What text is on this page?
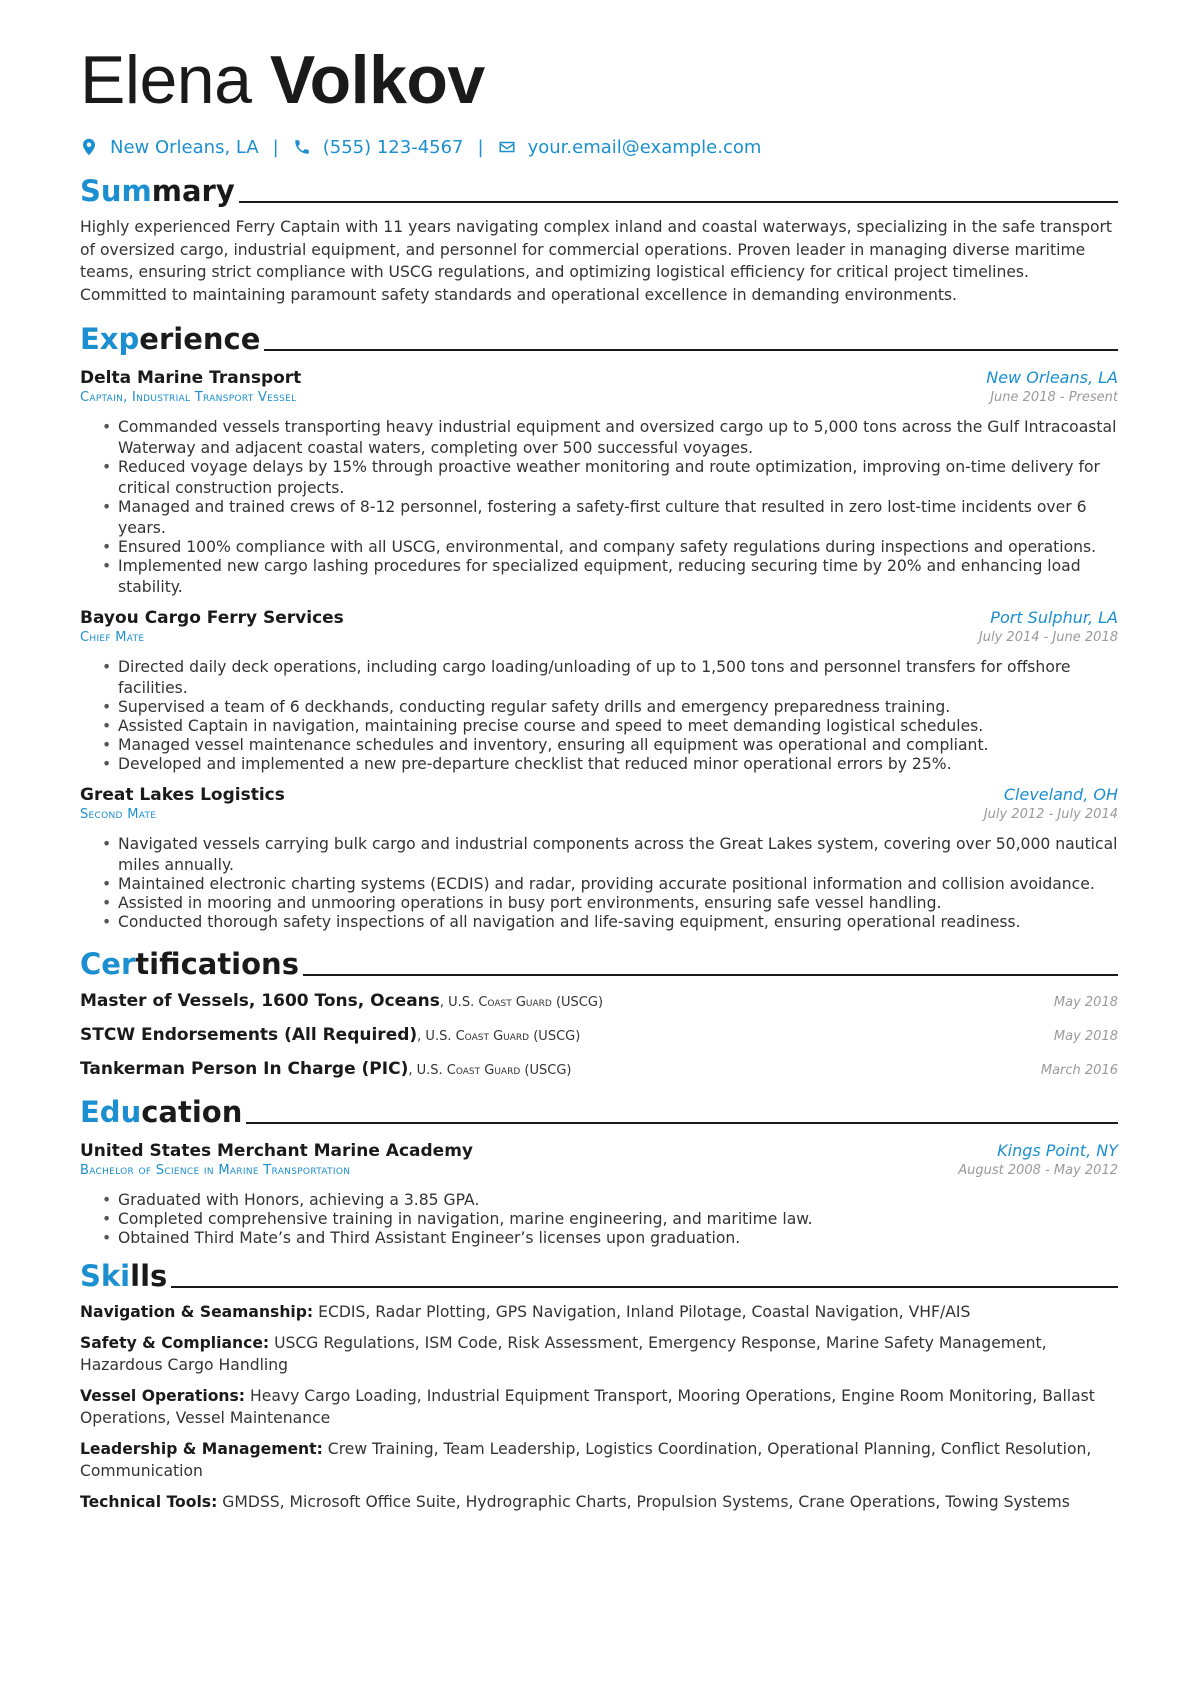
Elena Volkov
New Orleans, LA | (555) 123-4567 | your.email@example.com
Summary
Highly experienced Ferry Captain with 11 years navigating complex inland and coastal waterways, specializing in the safe transport of oversized cargo, industrial equipment, and personnel for commercial operations. Proven leader in managing diverse maritime teams, ensuring strict compliance with USCG regulations, and optimizing logistical efficiency for critical project timelines. Committed to maintaining paramount safety standards and operational excellence in demanding environments.
Experience
Delta Marine Transport	New Orleans, LA
Captain, Industrial Transport Vessel	June 2018 - Present
• Commanded vessels transporting heavy industrial equipment and oversized cargo up to 5,000 tons across the Gulf Intracoastal Waterway and adjacent coastal waters, completing over 500 successful voyages.
• Reduced voyage delays by 15% through proactive weather monitoring and route optimization, improving on-time delivery for critical construction projects.
• Managed and trained crews of 8-12 personnel, fostering a safety-first culture that resulted in zero lost-time incidents over 6 years.
• Ensured 100% compliance with all USCG, environmental, and company safety regulations during inspections and operations.
• Implemented new cargo lashing procedures for specialized equipment, reducing securing time by 20% and enhancing load stability.
Bayou Cargo Ferry Services	Port Sulphur, LA
Chief Mate	July 2014 - June 2018
• Directed daily deck operations, including cargo loading/unloading of up to 1,500 tons and personnel transfers for offshore facilities.
• Supervised a team of 6 deckhands, conducting regular safety drills and emergency preparedness training.
• Assisted Captain in navigation, maintaining precise course and speed to meet demanding logistical schedules.
• Managed vessel maintenance schedules and inventory, ensuring all equipment was operational and compliant.
• Developed and implemented a new pre-departure checklist that reduced minor operational errors by 25%.
Great Lakes Logistics	Cleveland, OH
Second Mate	July 2012 - July 2014
• Navigated vessels carrying bulk cargo and industrial components across the Great Lakes system, covering over 50,000 nautical miles annually.
• Maintained electronic charting systems (ECDIS) and radar, providing accurate positional information and collision avoidance.
• Assisted in mooring and unmooring operations in busy port environments, ensuring safe vessel handling.
• Conducted thorough safety inspections of all navigation and life-saving equipment, ensuring operational readiness.
Certifications
Master of Vessels, 1600 Tons, Oceans, U.S. Coast Guard (USCG)	May 2018
STCW Endorsements (All Required), U.S. Coast Guard (USCG)	May 2018
Tankerman Person In Charge (PIC), U.S. Coast Guard (USCG)	March 2016
Education
United States Merchant Marine Academy	Kings Point, NY
Bachelor of Science in Marine Transportation	August 2008 - May 2012
• Graduated with Honors, achieving a 3.85 GPA.
• Completed comprehensive training in navigation, marine engineering, and maritime law.
• Obtained Third Mate’s and Third Assistant Engineer’s licenses upon graduation.
Skills
Navigation & Seamanship: ECDIS, Radar Plotting, GPS Navigation, Inland Pilotage, Coastal Navigation, VHF/AIS
Safety & Compliance: USCG Regulations, ISM Code, Risk Assessment, Emergency Response, Marine Safety Management, Hazardous Cargo Handling
Vessel Operations: Heavy Cargo Loading, Industrial Equipment Transport, Mooring Operations, Engine Room Monitoring, Ballast Operations, Vessel Maintenance
Leadership & Management: Crew Training, Team Leadership, Logistics Coordination, Operational Planning, Conflict Resolution, Communication
Technical Tools: GMDSS, Microsoft Office Suite, Hydrographic Charts, Propulsion Systems, Crane Operations, Towing Systems
